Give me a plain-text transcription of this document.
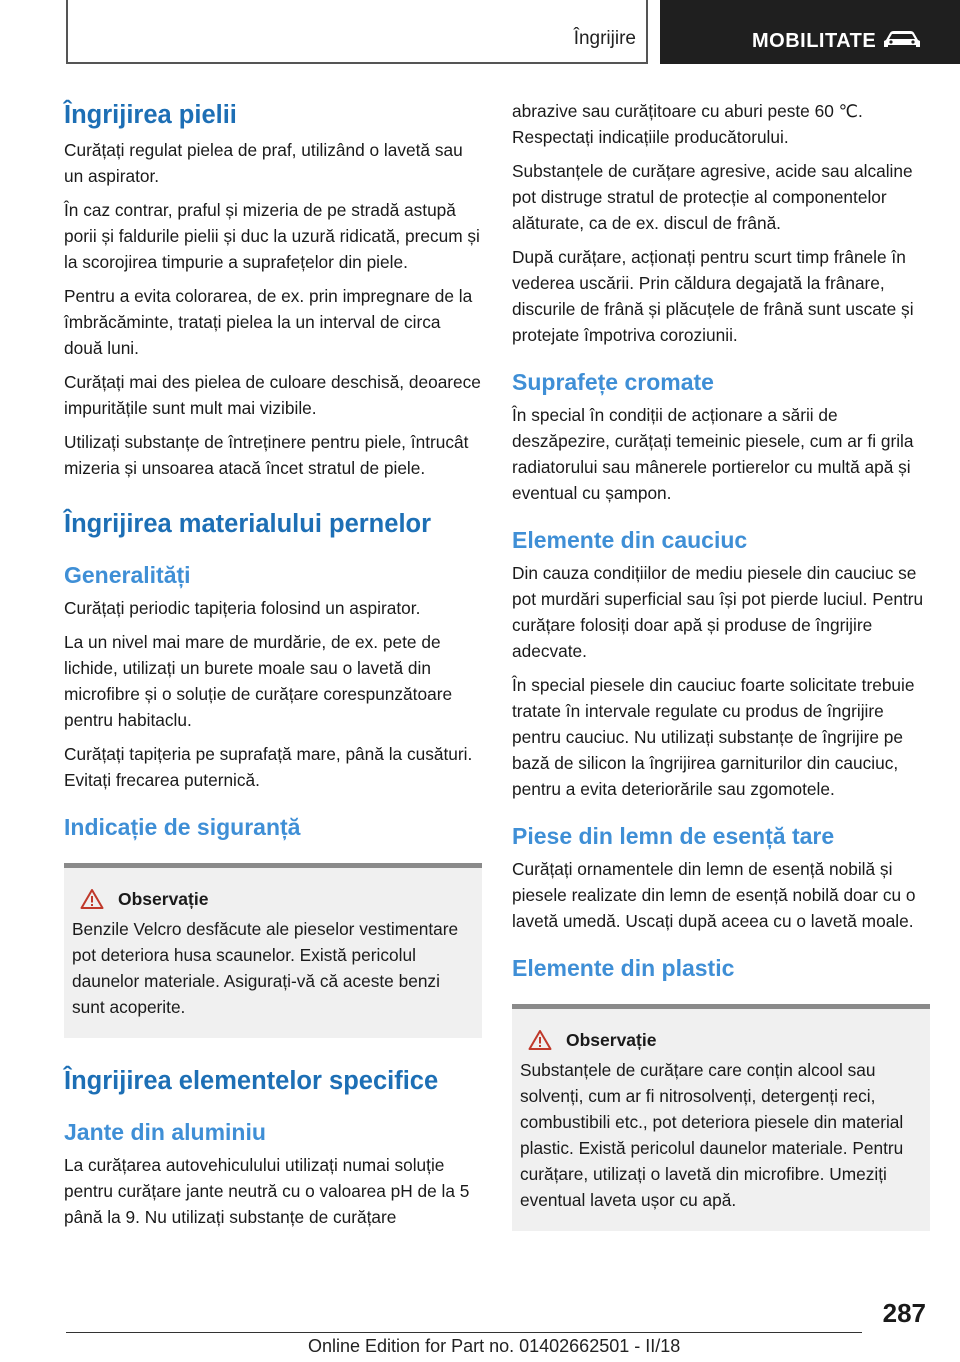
Îngrijire	MOBILITATE
Îngrijirea pielii

Curățați regulat pielea de praf, utilizând o lavetă sau un aspirator.

În caz contrar, praful și mizeria de pe stradă astupă porii și faldurile pielii și duc la uzură ridicată, precum și la scorojirea timpurie a suprafețelor din piele.

Pentru a evita colorarea, de ex. prin impregnare de la îmbrăcăminte, tratați pielea la un interval de circa două luni.

Curățați mai des pielea de culoare deschisă, deoarece impuritățile sunt mult mai vizibile.

Utilizați substanțe de întreținere pentru piele, întrucât mizeria și unsoarea atacă încet stratul de piele.

Îngrijirea materialului pernelor
Generalități

Curățați periodic tapițeria folosind un aspirator.

La un nivel mai mare de murdărie, de ex. pete de lichide, utilizați un burete moale sau o lavetă din microfibre și o soluție de curățare corespunzătoare pentru habitaclu.

Curățați tapițeria pe suprafață mare, până la cusături. Evitați frecarea puternică.

Indicație de siguranță
Observație

Benzile Velcro desfăcute ale pieselor vestimentare pot deteriora husa scaunelor. Există pericolul daunelor materiale. Asigurați-vă că aceste benzi sunt acoperite.

Îngrijirea elementelor specifice
Jante din aluminiu

La curățarea autovehiculului utilizați numai soluție pentru curățare jante neutră cu o valoarea pH de la 5 până la 9. Nu utilizați substanțe de curățare

abrazive sau curățitoare cu aburi peste 60 ℃. Respectați indicațiile producătorului.

Substanțele de curățare agresive, acide sau alcaline pot distruge stratul de protecție al componentelor alăturate, ca de ex. discul de frână.

După curățare, acționați pentru scurt timp frânele în vederea uscării. Prin căldura degajată la frânare, discurile de frână și plăcuțele de frână sunt uscate și protejate împotriva coroziunii.

Suprafețe cromate

În special în condiții de acționare a sării de deszăpezire, curățați temeinic piesele, cum ar fi grila radiatorului sau mânerele portierelor cu multă apă și eventual cu șampon.

Elemente din cauciuc

Din cauza condițiilor de mediu piesele din cauciuc se pot murdări superficial sau își pot pierde luciul. Pentru curățare folosiți doar apă și produse de îngrijire adecvate.

În special piesele din cauciuc foarte solicitate trebuie tratate în intervale regulate cu produs de îngrijire pentru cauciuc. Nu utilizați substanțe de îngrijire pe bază de silicon la îngrijirea garniturilor din cauciuc, pentru a evita deteriorările sau zgomotele.

Piese din lemn de esență tare

Curățați ornamentele din lemn de esență nobilă și piesele realizate din lemn de esență nobilă doar cu o lavetă umedă. Uscați după aceea cu o lavetă moale.

Elemente din plastic
Observație

Substanțele de curățare care conțin alcool sau solvenți, cum ar fi nitrosolvenți, detergenți reci, combustibili etc., pot deteriora piesele din material plastic. Există pericolul daunelor materiale. Pentru curățare, utilizați o lavetă din microfibre. Umeziți eventual laveta ușor cu apă.

287
Online Edition for Part no. 01402662501 - II/18
